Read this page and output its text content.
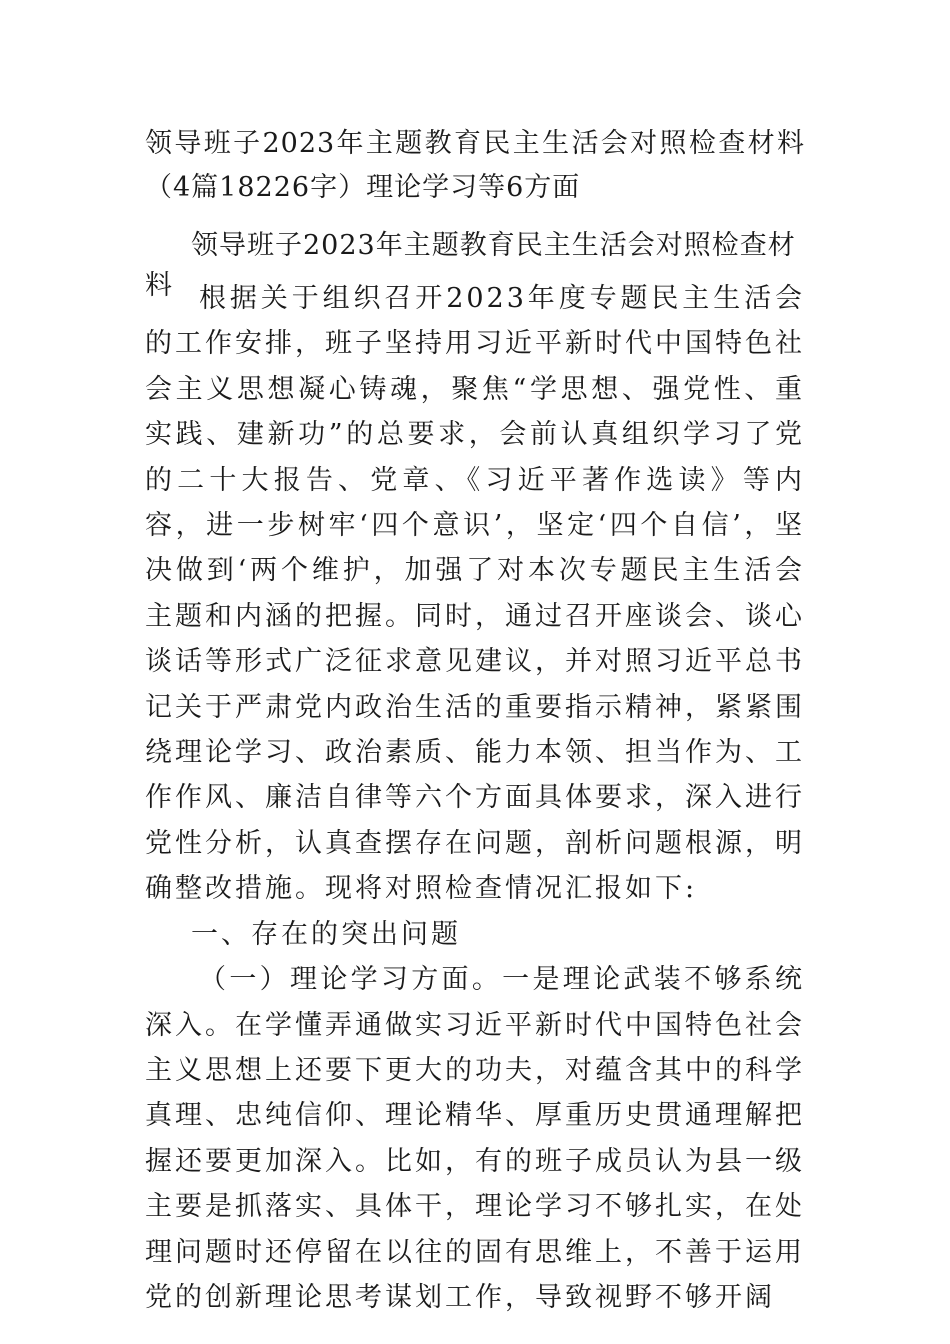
领导班子2023年主题教育民主生活会对照检查材料（4篇18226字）理论学习等6方面
领导班子2023年主题教育民主生活会对照检查材料 根据关于组织召开2023年度专题民主生活会的工作安排，班子坚持用习近平新时代中国特色社会主义思想凝心铸魂，聚焦“学思想、强党性、重实践、建新功”的总要求，会前认真组织学习了党的二十大报告、党章、《习近平著作选读》等内容，进一步树牢‘四个意识’，坚定‘四个自信’，坚决做到‘两个维护，加强了对本次专题民主生活会主题和内涵的把握。同时，通过召开座谈会、谈心谈话等形式广泛征求意见建议，并对照习近平总书记关于严肃党内政治生活的重要指示精神，紧紧围绕理论学习、政治素质、能力本领、担当作为、工作作风、廉洁自律等六个方面具体要求，深入进行党性分析，认真查摆存在问题，剖析问题根源，明确整改措施。现将对照检查情况汇报如下:

一、存在的突出问题

（一）理论学习方面。一是理论武装不够系统深入。在学懂弄通做实习近平新时代中国特色社会主义思想上还要下更大的功夫，对蕴含其中的科学真理、忠纯信仰、理论精华、厚重历史贯通理解把握还要更加深入。比如，有的班子成员认为县一级主要是抓落实、具体干，理论学习不够扎实，在处理问题时还停留在以往的固有思维上，不善于运用党的创新理论思考谋划工作，导致视野不够开阔
